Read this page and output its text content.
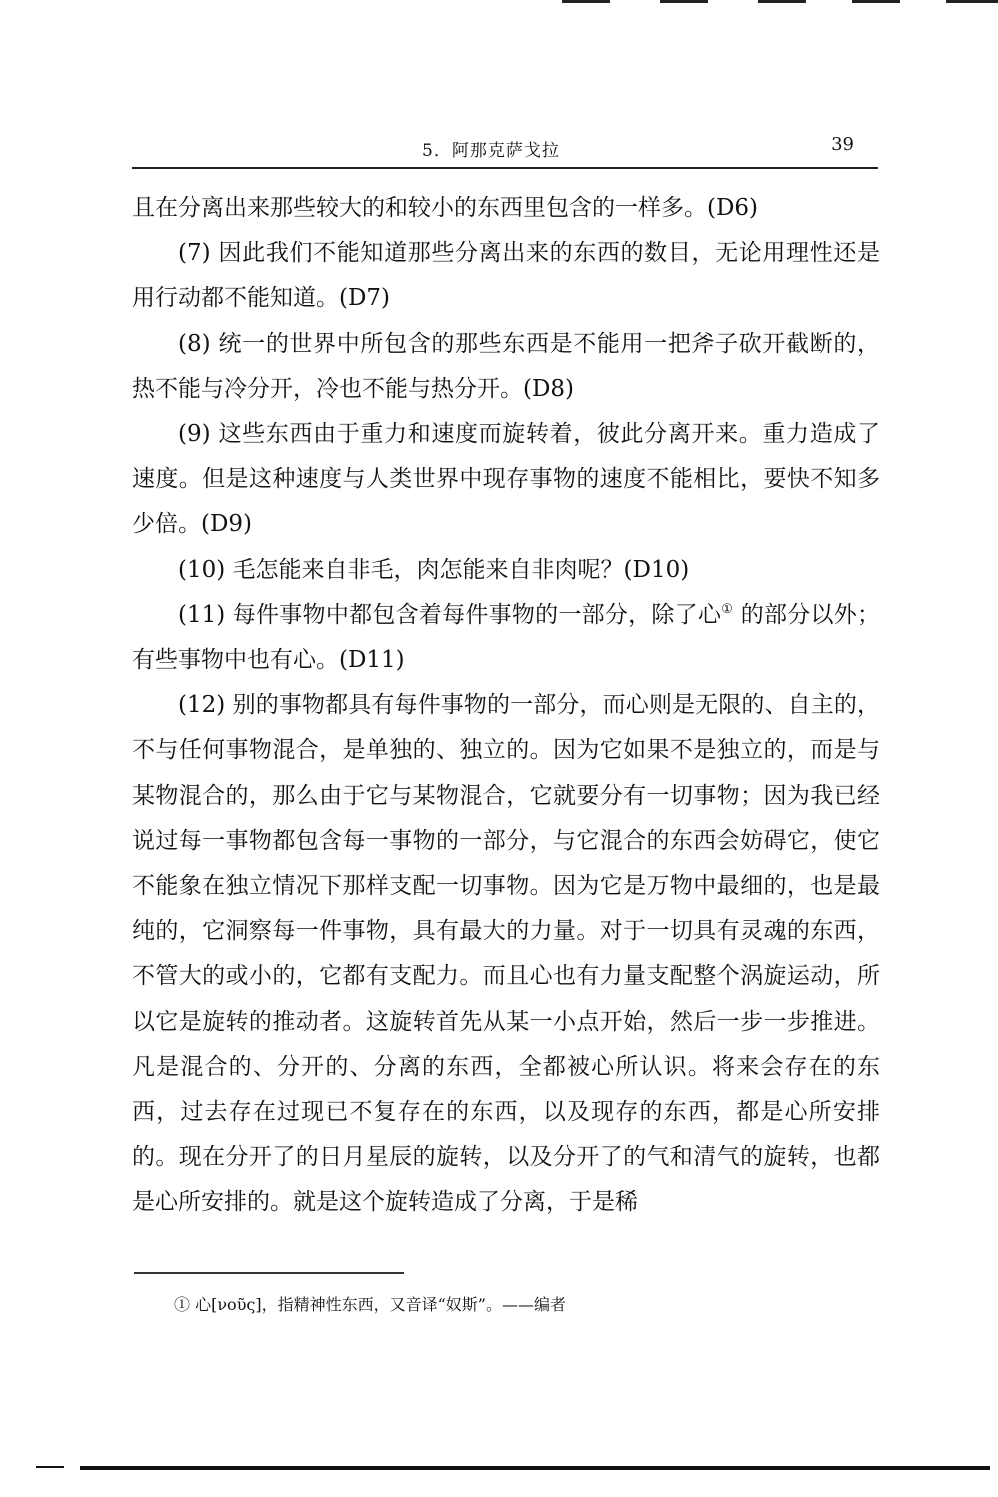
5．阿那克萨戈拉	39

且在分离出来那些较大的和较小的东西里包含的一样多。(D6)

(7) 因此我们不能知道那些分离出来的东西的数目，无论用理性还是用行动都不能知道。(D7)

(8) 统一的世界中所包含的那些东西是不能用一把斧子砍开截断的，热不能与冷分开，冷也不能与热分开。(D8)

(9) 这些东西由于重力和速度而旋转着，彼此分离开来。重力造成了速度。但是这种速度与人类世界中现存事物的速度不能相比，要快不知多少倍。(D9)

(10) 毛怎能来自非毛，肉怎能来自非肉呢？(D10)

(11) 每件事物中都包含着每件事物的一部分，除了心① 的部分以外；有些事物中也有心。(D11)

(12) 别的事物都具有每件事物的一部分，而心则是无限的、自主的，不与任何事物混合，是单独的、独立的。因为它如果不是独立的，而是与某物混合的，那么由于它与某物混合，它就要分有一切事物；因为我已经说过每一事物都包含每一事物的一部分，与它混合的东西会妨碍它，使它不能象在独立情况下那样支配一切事物。因为它是万物中最细的，也是最纯的，它洞察每一件事物，具有最大的力量。对于一切具有灵魂的东西，不管大的或小的，它都有支配力。而且心也有力量支配整个涡旋运动，所以它是旋转的推动者。这旋转首先从某一小点开始，然后一步一步推进。凡是混合的、分开的、分离的东西，全都被心所认识。将来会存在的东西，过去存在过现已不复存在的东西，以及现存的东西，都是心所安排的。现在分开了的日月星辰的旋转，以及分开了的气和清气的旋转，也都是心所安排的。就是这个旋转造成了分离，于是稀

① 心[νοῦς]，指精神性东西，又音译“奴斯”。——编者
